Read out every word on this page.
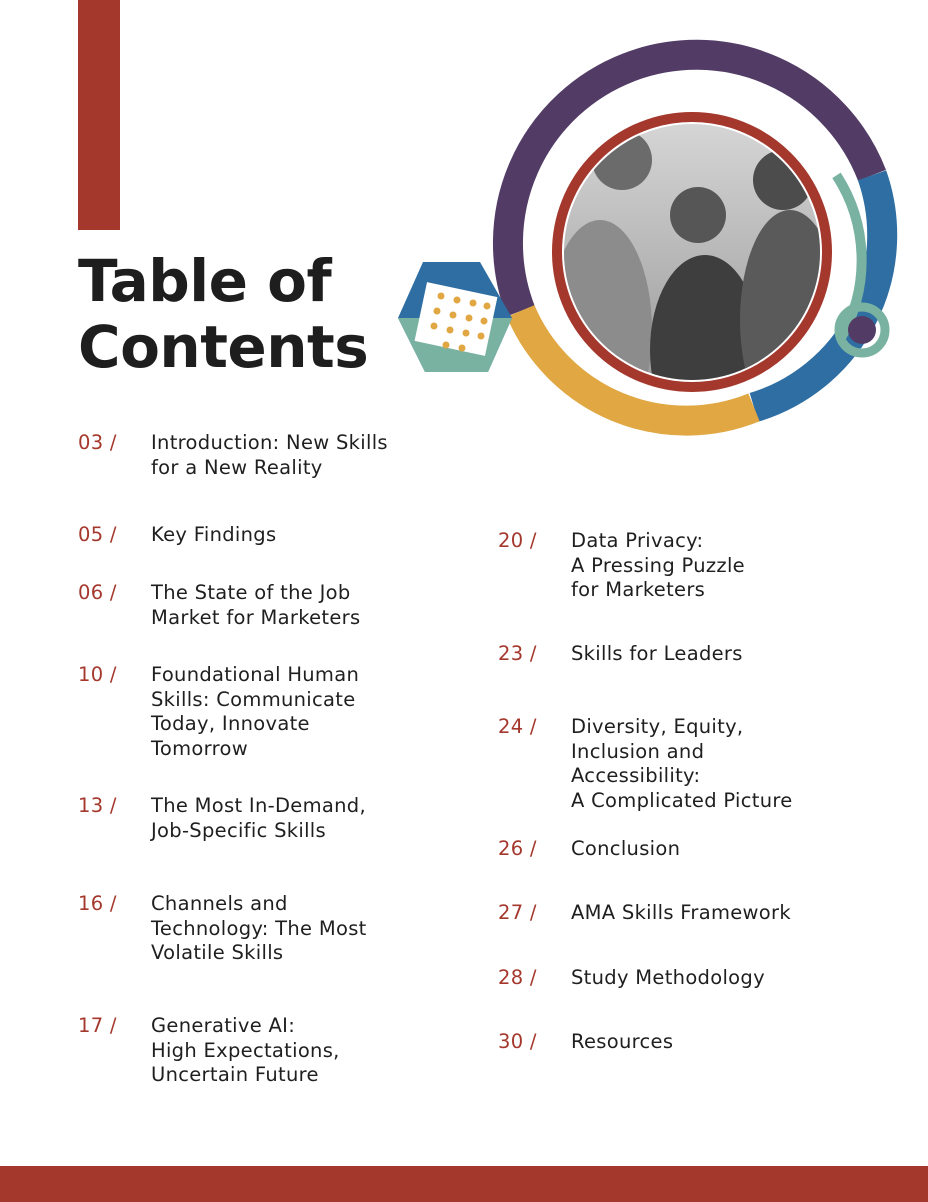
Table of
Contents
03 /	Introduction: New Skills
for a New Reality
05 /	Key Findings
06 /	The State of the Job
Market for Marketers
10 /	Foundational Human
Skills: Communicate
Today, Innovate
Tomorrow
13 /	The Most In-Demand,
Job-Specific Skills
16 /	Channels and
Technology: The Most
Volatile Skills
17 /	Generative AI:
High Expectations,
Uncertain Future
20 /	Data Privacy:
A Pressing Puzzle
for Marketers
23 /	Skills for Leaders
24 /	Diversity, Equity,
Inclusion and
Accessibility:
A Complicated Picture
26 /	Conclusion
27 /	AMA Skills Framework
28 /	Study Methodology
30 /	Resources
